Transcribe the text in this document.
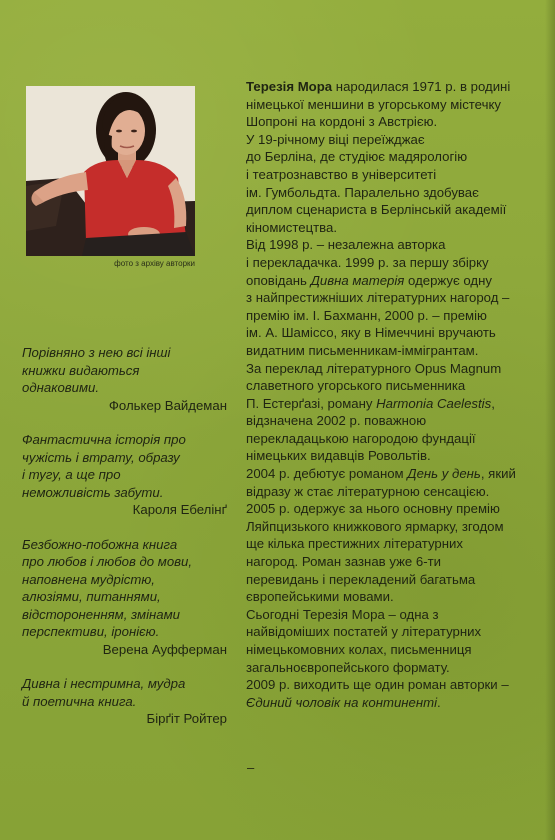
фото з архіву авторки
Порівняно з нею всі інші
книжки видаються
однаковими.
Фолькер Вайдеман
Фантастична історія про
чужість і втрату, образу
і тугу, а ще про
неможливість забути.
Кароля Ебелінґ
Безбожно-побожна книга
про любов і любов до мови,
наповнена мудрістю,
алюзіями, питаннями,
відстороненням, змінами
перспективи, іронією.
Верена Ауфферман
Дивна і нестримна, мудра
й поетична книга.
Бірґіт Ройтер

Терезія Мора народилася 1971 р. в родині
німецької меншини в угорському містечку
Шопроні на кордоні з Австрією.

У 19-річному віці переїжджає
до Берліна, де студіює мадярологію
і театрознавство в університеті
ім. Гумбольдта. Паралельно здобуває
диплом сценариста в Берлінській академії
кіномистецтва.

Від 1998 р. – незалежна авторка
і перекладачка. 1999 р. за першу збірку
оповідань Дивна матерія одержує одну
з найпрестижніших літературних нагород –
премію ім. І. Бахманн, 2000 р. – премію
ім. А. Шаміссо, яку в Німеччині вручають
видатним письменникам-іммігрантам.

За переклад літературного Opus Magnum
славетного угорського письменника
П. Естерґазі, роману Harmonia Caelestis,
відзначена 2002 р. поважною
перекладацькою нагородою фундації
німецьких видавців Ровольтів.

2004 р. дебютує романом День у день, який
відразу ж стає літературною сенсацією.

2005 р. одержує за нього основну премію
Ляйпцизького книжкового ярмарку, згодом
ще кілька престижних літературних
нагород. Роман зазнав уже 6-ти
перевидань і перекладений багатьма
європейськими мовами.

Сьогодні Терезія Мора – одна з
найвідоміших постатей у літературних
німецькомовних колах, письменниця
загальноєвропейського формату.

2009 р. виходить ще один роман авторки –
Єдиний чоловік на континенті.

–
